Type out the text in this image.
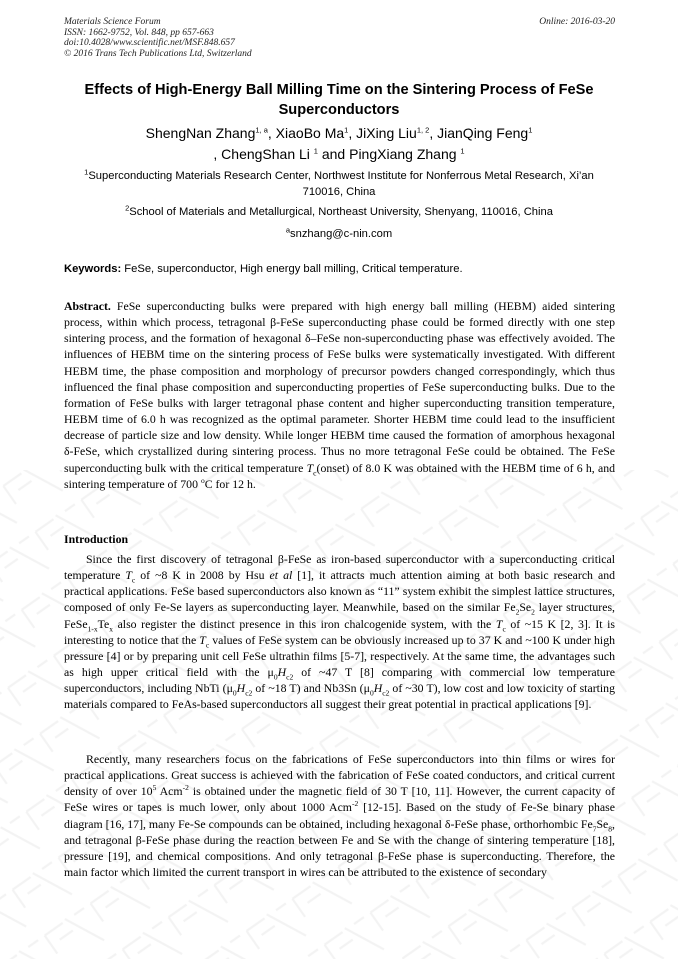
Materials Science Forum
ISSN: 1662-9752, Vol. 848, pp 657-663
doi:10.4028/www.scientific.net/MSF.848.657
© 2016 Trans Tech Publications Ltd, Switzerland
Online: 2016-03-20
Effects of High-Energy Ball Milling Time on the Sintering Process of FeSe Superconductors
ShengNan Zhang$^{1, a}$, XiaoBo Ma$^1$, JiXing Liu$^{1, 2}$, JianQing Feng$^1$
, ChengShan Li $^1$ and PingXiang Zhang $^1$
$^1$Superconducting Materials Research Center, Northwest Institute for Nonferrous Metal Research, Xi’an 710016, China
$^2$School of Materials and Metallurgical, Northeast University, Shenyang, 110016, China
$^a$snzhang@c-nin.com
Keywords: FeSe, superconductor, High energy ball milling, Critical temperature.
Abstract. FeSe superconducting bulks were prepared with high energy ball milling (HEBM) aided sintering process, within which process, tetragonal β-FeSe superconducting phase could be formed directly with one step sintering process, and the formation of hexagonal δ–FeSe non-superconducting phase was effectively avoided. The influences of HEBM time on the sintering process of FeSe bulks were systematically investigated. With different HEBM time, the phase composition and morphology of precursor powders changed correspondingly, which thus influenced the final phase composition and superconducting properties of FeSe superconducting bulks. Due to the formation of FeSe bulks with larger tetragonal phase content and higher superconducting transition temperature, HEBM time of 6.0 h was recognized as the optimal parameter. Shorter HEBM time could lead to the insufficient decrease of particle size and low density. While longer HEBM time caused the formation of amorphous hexagonal δ-FeSe, which crystallized during sintering process. Thus no more tetragonal FeSe could be obtained. The FeSe superconducting bulk with the critical temperature $T_c(onset)$ of 8.0 K was obtained with the HEBM time of 6 h, and sintering temperature of 700 $^o$C for 12 h.
Introduction
Since the first discovery of tetragonal β-FeSe as iron-based superconductor with a superconducting critical temperature $T_c$ of ~8 K in 2008 by Hsu et al [1], it attracts much attention aiming at both basic research and practical applications. FeSe based superconductors also known as “11” system exhibit the simplest lattice structures, composed of only Fe-Se layers as superconducting layer. Meanwhile, based on the similar $Fe_2Se_2$ layer structures, $FeSe_{1-x}Te_x$ also register the distinct presence in this iron chalcogenide system, with the $T_c$ of ~15 K [2, 3]. It is interesting to notice that the $T_c$ values of FeSe system can be obviously increased up to 37 K and ~100 K under high pressure [4] or by preparing unit cell FeSe ultrathin films [5-7], respectively. At the same time, the advantages such as high upper critical field with the $\mu_0H_{c2}$ of ~47 T [8] comparing with commercial low temperature superconductors, including NbTi ($\mu_0H_{c2}$ of ~18 T) and Nb3Sn ($\mu_0H_{c2}$ of ~30 T), low cost and low toxicity of starting materials compared to FeAs-based superconductors all suggest their great potential in practical applications [9].
Recently, many researchers focus on the fabrications of FeSe superconductors into thin films or wires for practical applications. Great success is achieved with the fabrication of FeSe coated conductors, and critical current density of over $10^5$ Acm$^{-2}$ is obtained under the magnetic field of 30 T [10, 11]. However, the current capacity of FeSe wires or tapes is much lower, only about 1000 Acm$^{-2}$ [12-15]. Based on the study of Fe-Se binary phase diagram [16, 17], many Fe-Se compounds can be obtained, including hexagonal δ-FeSe phase, orthorhombic $Fe_7Se_8$, and tetragonal β-FeSe phase during the reaction between Fe and Se with the change of sintering temperature [18], pressure [19], and chemical compositions. And only tetragonal β-FeSe phase is superconducting. Therefore, the main factor which limited the current transport in wires can be attributed to the existence of secondary
